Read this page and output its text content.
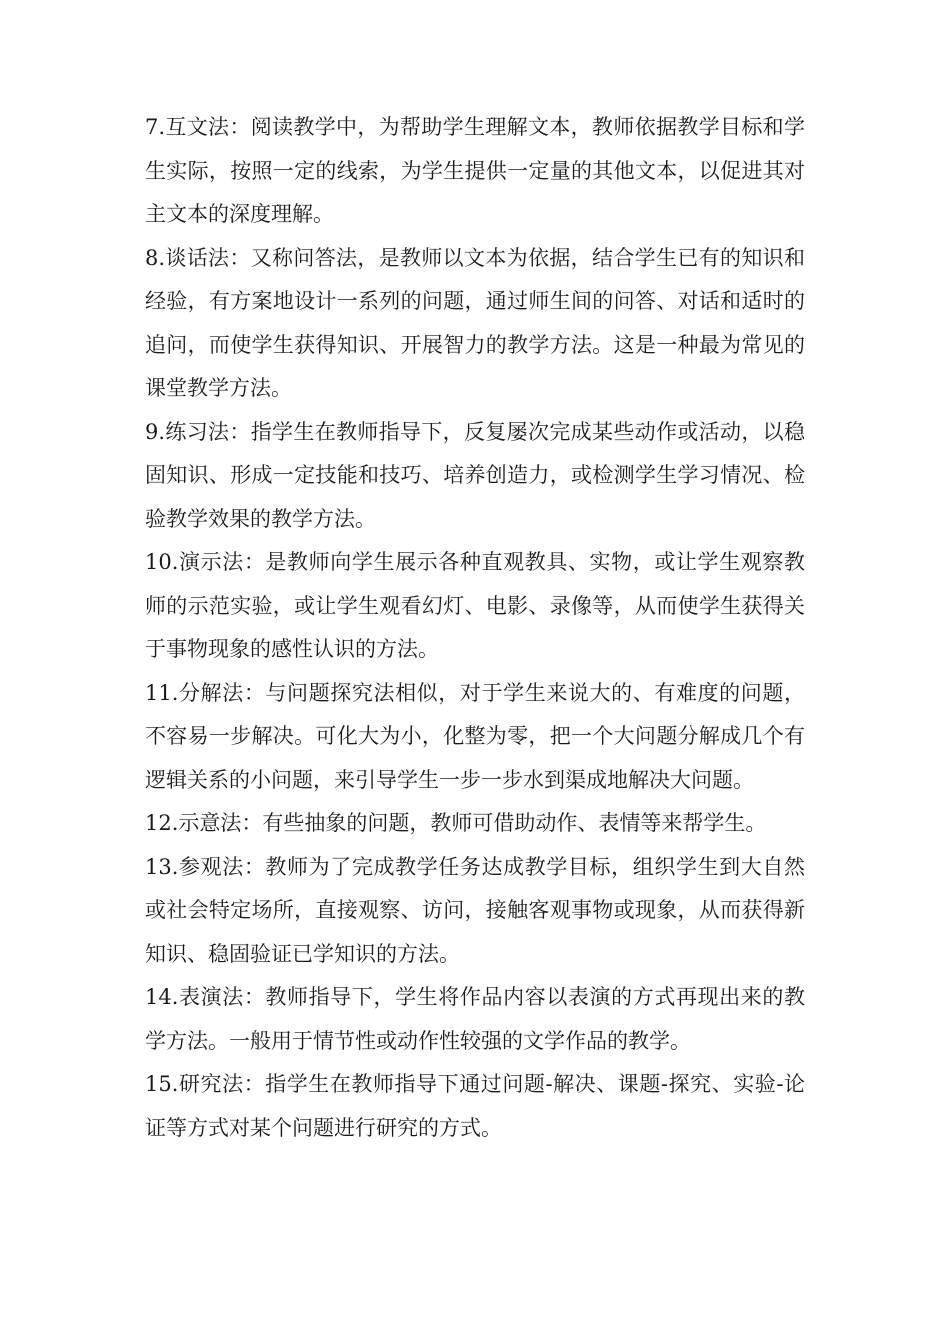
7.互文法：阅读教学中，为帮助学生理解文本，教师依据教学目标和学生实际，按照一定的线索，为学生提供一定量的其他文本，以促进其对主文本的深度理解。

8.谈话法：又称问答法，是教师以文本为依据，结合学生已有的知识和经验，有方案地设计一系列的问题，通过师生间的问答、对话和适时的追问，而使学生获得知识、开展智力的教学方法。这是一种最为常见的课堂教学方法。

9.练习法：指学生在教师指导下，反复屡次完成某些动作或活动，以稳固知识、形成一定技能和技巧、培养创造力，或检测学生学习情况、检验教学效果的教学方法。

10.演示法：是教师向学生展示各种直观教具、实物，或让学生观察教师的示范实验，或让学生观看幻灯、电影、录像等，从而使学生获得关于事物现象的感性认识的方法。

11.分解法：与问题探究法相似，对于学生来说大的、有难度的问题，不容易一步解决。可化大为小，化整为零，把一个大问题分解成几个有逻辑关系的小问题，来引导学生一步一步水到渠成地解决大问题。

12.示意法：有些抽象的问题，教师可借助动作、表情等来帮学生。

13.参观法：教师为了完成教学任务达成教学目标，组织学生到大自然或社会特定场所，直接观察、访问，接触客观事物或现象，从而获得新知识、稳固验证已学知识的方法。

14.表演法：教师指导下，学生将作品内容以表演的方式再现出来的教学方法。一般用于情节性或动作性较强的文学作品的教学。

15.研究法：指学生在教师指导下通过问题-解决、课题-探究、实验-论证等方式对某个问题进行研究的方式。
